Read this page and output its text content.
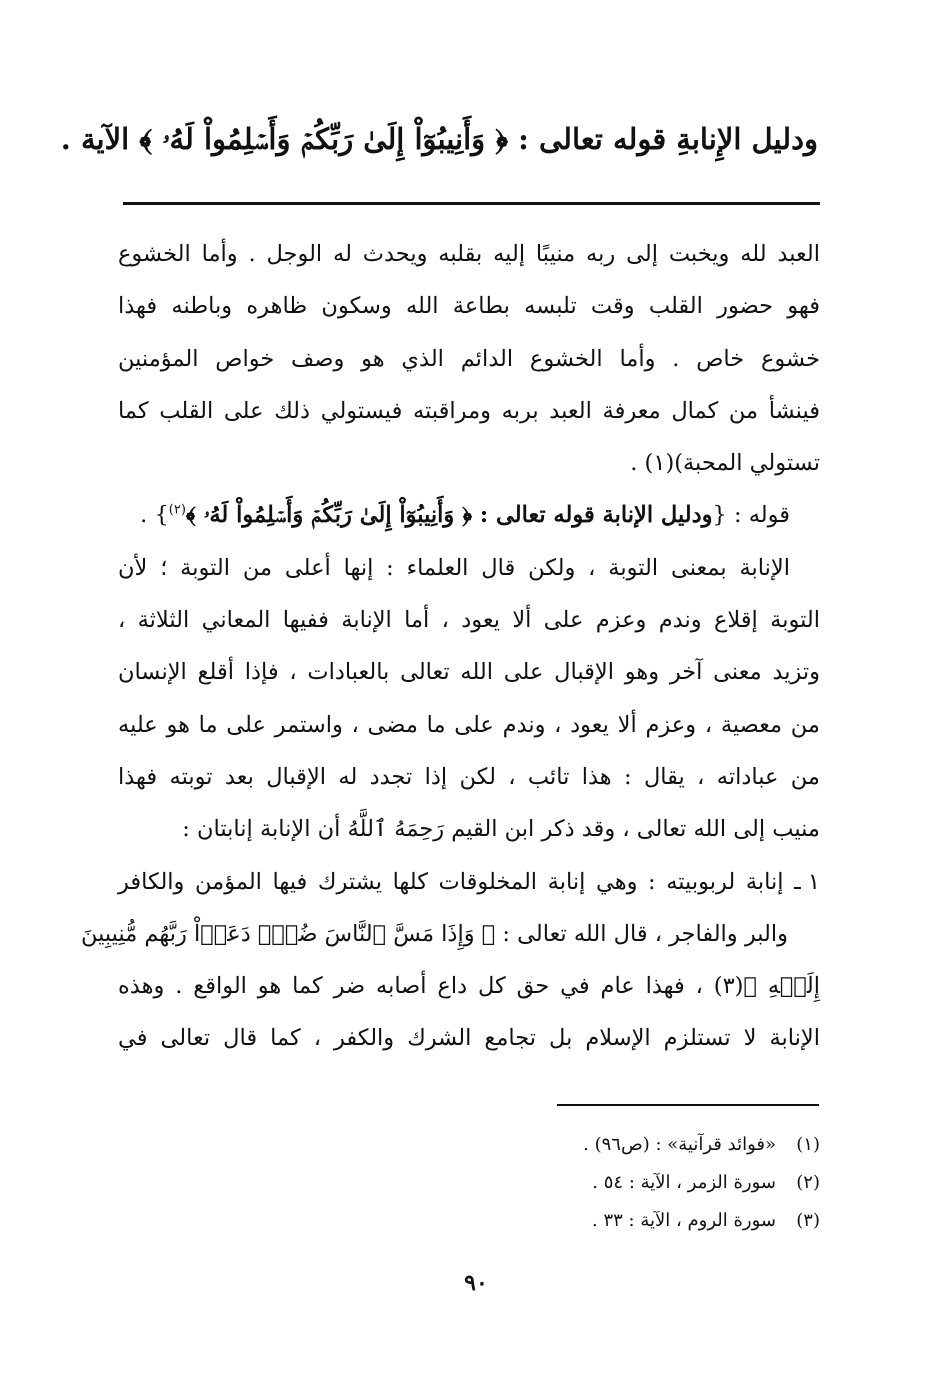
ودليل الإِنابةِ قوله تعالى : ﴿ وَأَنِيبُوٓاْ إِلَىٰ رَبِّكُمۡ وَأَسۡلِمُواْ لَهُۥ ﴾ الآية .
العبد لله ويخبت إلى ربه منيبًا إليه بقلبه ويحدث له الوجل . وأما الخشوع
فهو حضور القلب وقت تلبسه بطاعة الله وسكون ظاهره وباطنه فهذا
خشوع خاص . وأما الخشوع الدائم الذي هو وصف خواص المؤمنين
فينشأ من كمال معرفة العبد بربه ومراقبته فيستولي ذلك على القلب كما
تستولي المحبة)(١) .
قوله : {ودليل الإنابة قوله تعالى : ﴿ وَأَنِيبُوٓاْ إِلَىٰ رَبِّكُمۡ وَأَسۡلِمُواْ لَهُۥ ﴾$^{(٢)}$} .
الإنابة بمعنى التوبة ، ولكن قال العلماء : إنها أعلى من التوبة ؛ لأن
التوبة إقلاع وندم وعزم على ألا يعود ، أما الإنابة ففيها المعاني الثلاثة ،
وتزيد معنى آخر وهو الإقبال على الله تعالى بالعبادات ، فإذا أقلع الإنسان
من معصية ، وعزم ألا يعود ، وندم على ما مضى ، واستمر على ما هو عليه
من عباداته ، يقال : هذا تائب ، لكن إذا تجدد له الإقبال بعد توبته فهذا
منيب إلى الله تعالى ، وقد ذكر ابن القيم رَحِمَهُ ٱللَّهُ أن الإنابة إنابتان :
١ ـ إنابة لربوبيته : وهي إنابة المخلوقات كلها يشترك فيها المؤمن والكافر
والبر والفاجر ، قال الله تعالى : ﴿ وَإِذَا مَسَّ ٱلنَّاسَ ضُرّٞ دَعَوۡاْ رَبَّهُم مُّنِيبِينَ
إِلَيۡهِ ﴾(٣) ، فهذا عام في حق كل داع أصابه ضر كما هو الواقع . وهذه
الإنابة لا تستلزم الإسلام بل تجامع الشرك والكفر ، كما قال تعالى في
(١)«فوائد قرآنية» : (ص٩٦) .
(٢)سورة الزمر ، الآية : ٥٤ .
(٣)سورة الروم ، الآية : ٣٣ .
٩٠
